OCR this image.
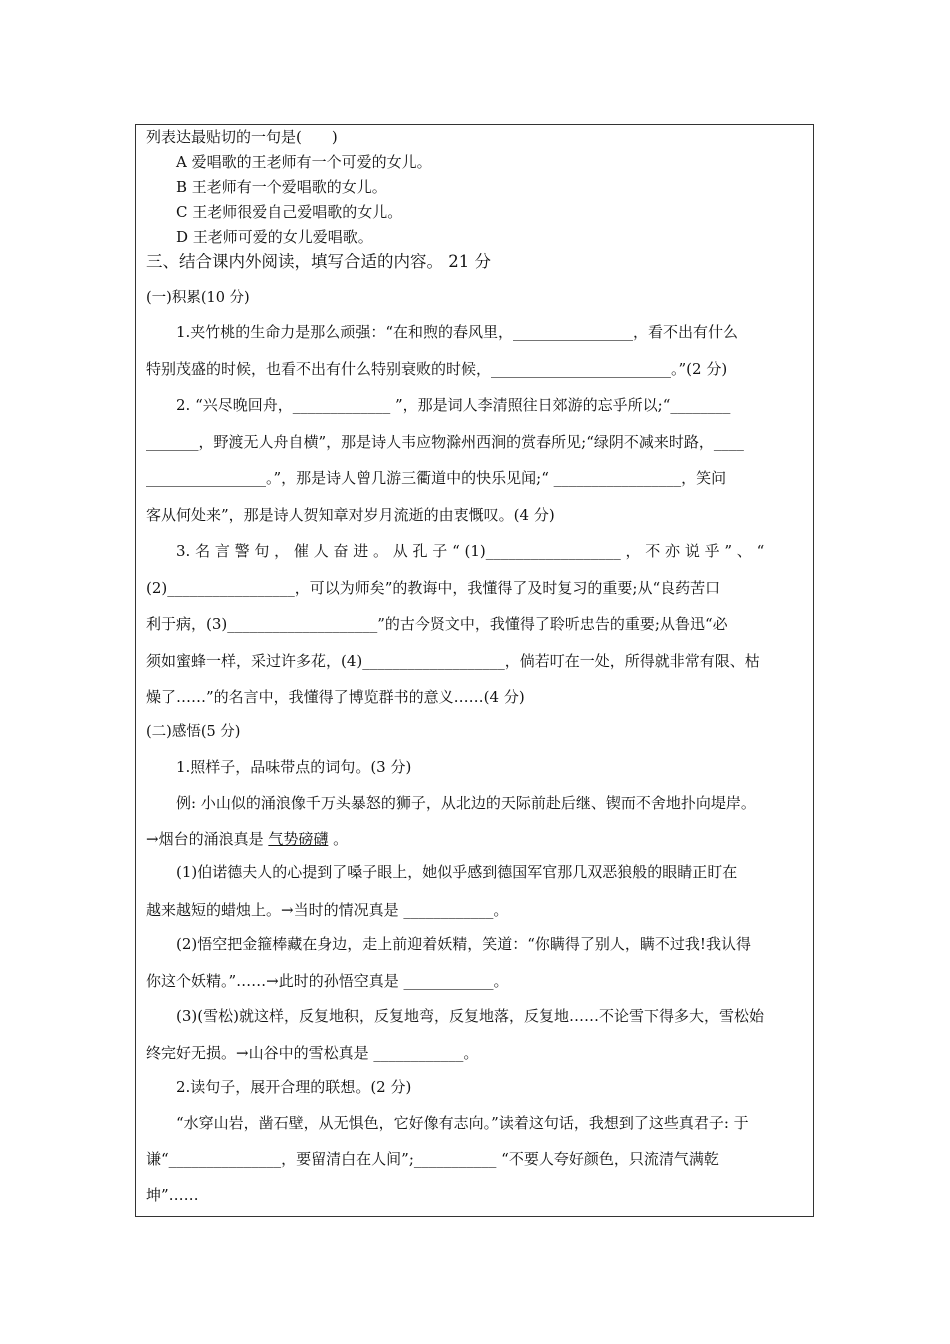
列表达最贴切的一句是(　　)
A 爱唱歌的王老师有一个可爱的女儿。
B 王老师有一个爱唱歌的女儿。
C 王老师很爱自己爱唱歌的女儿。
D 王老师可爱的女儿爱唱歌。
三、结合课内外阅读，填写合适的内容。 21 分
(一)积累(10 分)
1.夹竹桃的生命力是那么顽强：“在和煦的春风里，________________，看不出有什么
特别茂盛的时候，也看不出有什么特别衰败的时候，________________________。”(2 分)
2. “兴尽晚回舟，_____________ ”，那是词人李清照往日郊游的忘乎所以;“________
_______，野渡无人舟自横”，那是诗人韦应物滁州西涧的赏春所见;“绿阴不减来时路，____
________________。”，那是诗人曾几游三衢道中的快乐见闻;“ _________________，笑问
客从何处来”，那是诗人贺知章对岁月流逝的由衷慨叹。(4 分)
3. 名 言 警 句 ， 催 人 奋 进 。 从 孔 子 “ (1)__________________ ， 不 亦 说 乎 ” 、 “
(2)_________________，可以为师矣”的教诲中，我懂得了及时复习的重要;从“良药苦口
利于病，(3)____________________”的古今贤文中，我懂得了聆听忠告的重要;从鲁迅“必
须如蜜蜂一样，采过许多花，(4)___________________，倘若叮在一处，所得就非常有限、枯
燥了……”的名言中，我懂得了博览群书的意义……(4 分)
(二)感悟(5 分)
1.照样子，品味带点的词句。(3 分)
例: 小山似的涌浪像千万头暴怒的狮子，从北边的天际前赴后继、锲而不舍地扑向堤岸。
→烟台的涌浪真是 气势磅礴 。
(1)伯诺德夫人的心提到了嗓子眼上，她似乎感到德国军官那几双恶狼般的眼睛正盯在
越来越短的蜡烛上。→当时的情况真是 ____________。
(2)悟空把金箍棒藏在身边，走上前迎着妖精，笑道：“你瞒得了别人，瞒不过我!我认得
你这个妖精。”……→此时的孙悟空真是 ____________。
(3)(雪松)就这样，反复地积，反复地弯，反复地落，反复地……不论雪下得多大，雪松始
终完好无损。→山谷中的雪松真是 ____________。
2.读句子，展开合理的联想。(2 分)
“水穿山岩，凿石壁，从无惧色，它好像有志向。”读着这句话，我想到了这些真君子: 于
谦“_______________，要留清白在人间”;___________ “不要人夸好颜色，只流清气满乾
坤”……
